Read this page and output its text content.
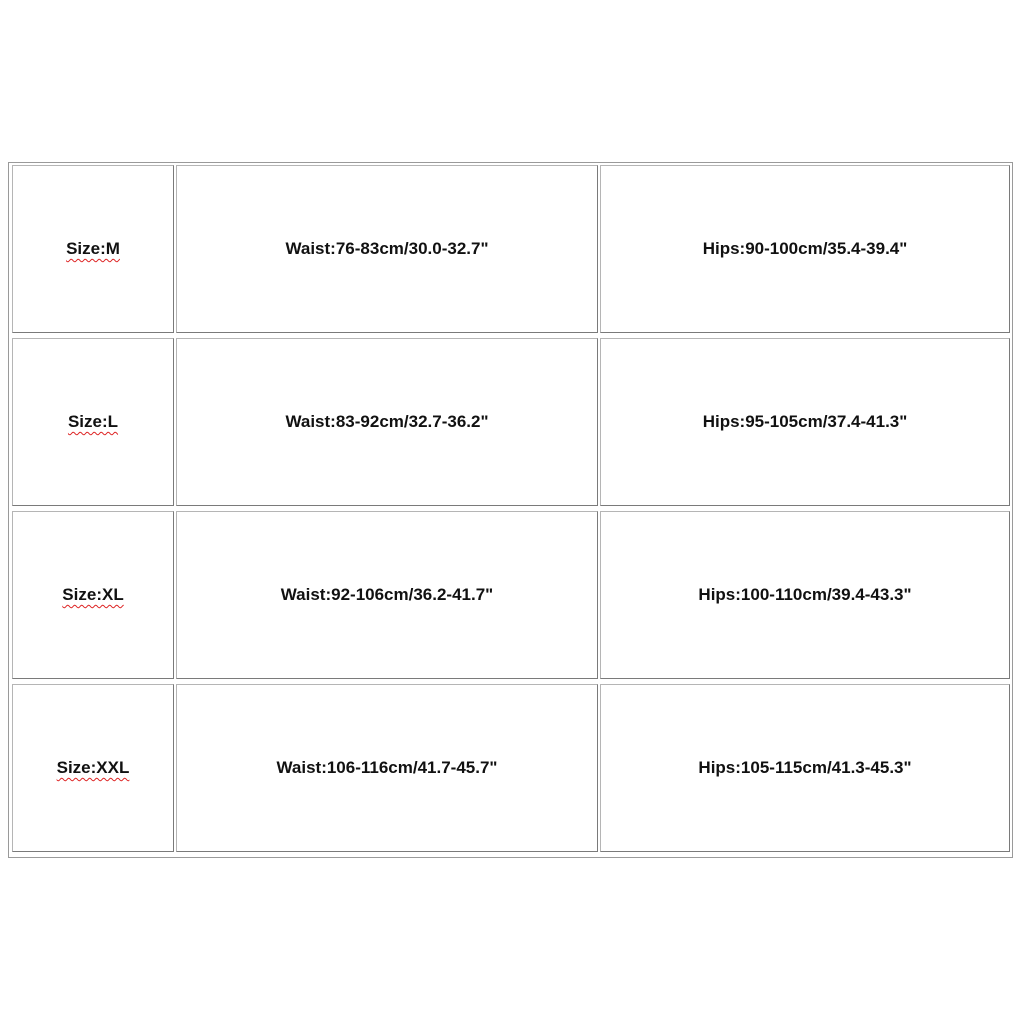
Size:M	Waist:76-83cm/30.0-32.7"	Hips:90-100cm/35.4-39.4"
Size:L	Waist:83-92cm/32.7-36.2"	Hips:95-105cm/37.4-41.3"
Size:XL	Waist:92-106cm/36.2-41.7"	Hips:100-110cm/39.4-43.3"
Size:XXL	Waist:106-116cm/41.7-45.7"	Hips:105-115cm/41.3-45.3"
